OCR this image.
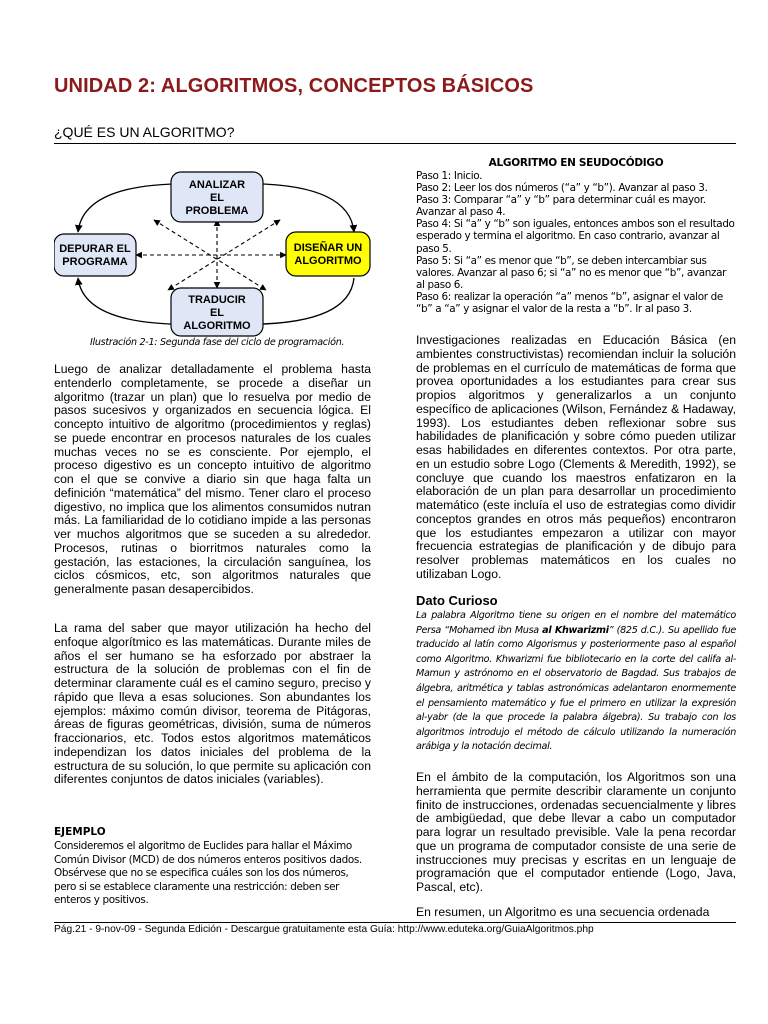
UNIDAD 2: ALGORITMOS, CONCEPTOS BÁSICOS
¿QUÉ ES UN ALGORITMO?
ANALIZAR
EL
PROBLEMA
DEPURAR EL
PROGRAMA
DISEÑAR UN
ALGORITMO
TRADUCIR
EL
ALGORITMO
Ilustración 2-1: Segunda fase del ciclo de programación.
Luego de analizar detalladamente el problema hasta entenderlo completamente, se procede a diseñar un algoritmo (trazar un plan) que lo resuelva por medio de pasos sucesivos y organizados en secuencia lógica. El concepto intuitivo de algoritmo (procedimientos y reglas) se puede encontrar en procesos naturales de los cuales muchas veces no se es consciente. Por ejemplo, el proceso digestivo es un concepto intuitivo de algoritmo con el que se convive a diario sin que haga falta un definición “matemática” del mismo. Tener claro el proceso digestivo, no implica que los alimentos consumidos nutran más. La familiaridad de lo cotidiano impide a las personas ver muchos algoritmos que se suceden a su alrededor. Procesos, rutinas o biorritmos naturales como la gestación, las estaciones, la circulación sanguínea, los ciclos cósmicos, etc, son algoritmos naturales que generalmente pasan desapercibidos.
La rama del saber que mayor utilización ha hecho del enfoque algorítmico es las matemáticas. Durante miles de años el ser humano se ha esforzado por abstraer la estructura de la solución de problemas con el fin de determinar claramente cuál es el camino seguro, preciso y rápido que lleva a esas soluciones. Son abundantes los ejemplos: máximo común divisor, teorema de Pitágoras, áreas de figuras geométricas, división, suma de números fraccionarios, etc. Todos estos algoritmos matemáticos independizan los datos iniciales del problema de la estructura de su solución, lo que permite su aplicación con diferentes conjuntos de datos iniciales (variables).
EJEMPLO
Consideremos el algoritmo de Euclides para hallar el Máximo Común Divisor (MCD) de dos números enteros positivos dados. Obsérvese que no se especifica cuáles son los dos números, pero si se establece claramente una restricción: deben ser enteros y positivos.
ALGORITMO EN SEUDOCÓDIGO
Paso 1: Inicio.
Paso 2: Leer los dos números (“a” y “b”). Avanzar al paso 3.
Paso 3: Comparar “a” y “b” para determinar cuál es mayor. Avanzar al paso 4.
Paso 4: Si “a” y “b” son iguales, entonces ambos son el resultado esperado y termina el algoritmo. En caso contrario, avanzar al paso 5.
Paso 5: Si “a” es menor que “b”, se deben intercambiar sus valores. Avanzar al paso 6; si “a” no es menor que “b”, avanzar al paso 6.
Paso 6: realizar la operación “a” menos “b”, asignar el valor de “b” a “a” y asignar el valor de la resta a “b”. Ir al paso 3.
Investigaciones realizadas en Educación Básica (en ambientes constructivistas) recomiendan incluir la solución de problemas en el currículo de matemáticas de forma que provea oportunidades a los estudiantes para crear sus propios algoritmos y generalizarlos a un conjunto específico de aplicaciones (Wilson, Fernández & Hadaway, 1993). Los estudiantes deben reflexionar sobre sus habilidades de planificación y sobre cómo pueden utilizar esas habilidades en diferentes contextos. Por otra parte, en un estudio sobre Logo (Clements & Meredith, 1992), se concluye que cuando los maestros enfatizaron en la elaboración de un plan para desarrollar un procedimiento matemático (este incluía el uso de estrategias como dividir conceptos grandes en otros más pequeños) encontraron que los estudiantes empezaron a utilizar con mayor frecuencia estrategias de planificación y de dibujo para resolver problemas matemáticos en los cuales no utilizaban Logo.
Dato Curioso
La palabra Algoritmo tiene su origen en el nombre del matemático Persa “Mohamed ibn Musa al Khwarizmi” (825 d.C.). Su apellido fue traducido al latín como Algorismus y posteriormente paso al español como Algoritmo. Khwarizmi fue bibliotecario en la corte del califa al-Mamun y astrónomo en el observatorio de Bagdad. Sus trabajos de álgebra, aritmética y tablas astronómicas adelantaron enormemente el pensamiento matemático y fue el primero en utilizar la expresión al-yabr (de la que procede la palabra álgebra). Su trabajo con los algoritmos introdujo el método de cálculo utilizando la numeración arábiga y la notación decimal.
En el ámbito de la computación, los Algoritmos son una herramienta que permite describir claramente un conjunto finito de instrucciones, ordenadas secuencialmente y libres de ambigüedad, que debe llevar a cabo un computador para lograr un resultado previsible. Vale la pena recordar que un programa de computador consiste de una serie de instrucciones muy precisas y escritas en un lenguaje de programación que el computador entiende (Logo, Java, Pascal, etc).
En resumen, un Algoritmo es una secuencia ordenada
Pág.21 - 9-nov-09 - Segunda Edición - Descargue gratuitamente esta Guía: http://www.eduteka.org/GuiaAlgoritmos.php
